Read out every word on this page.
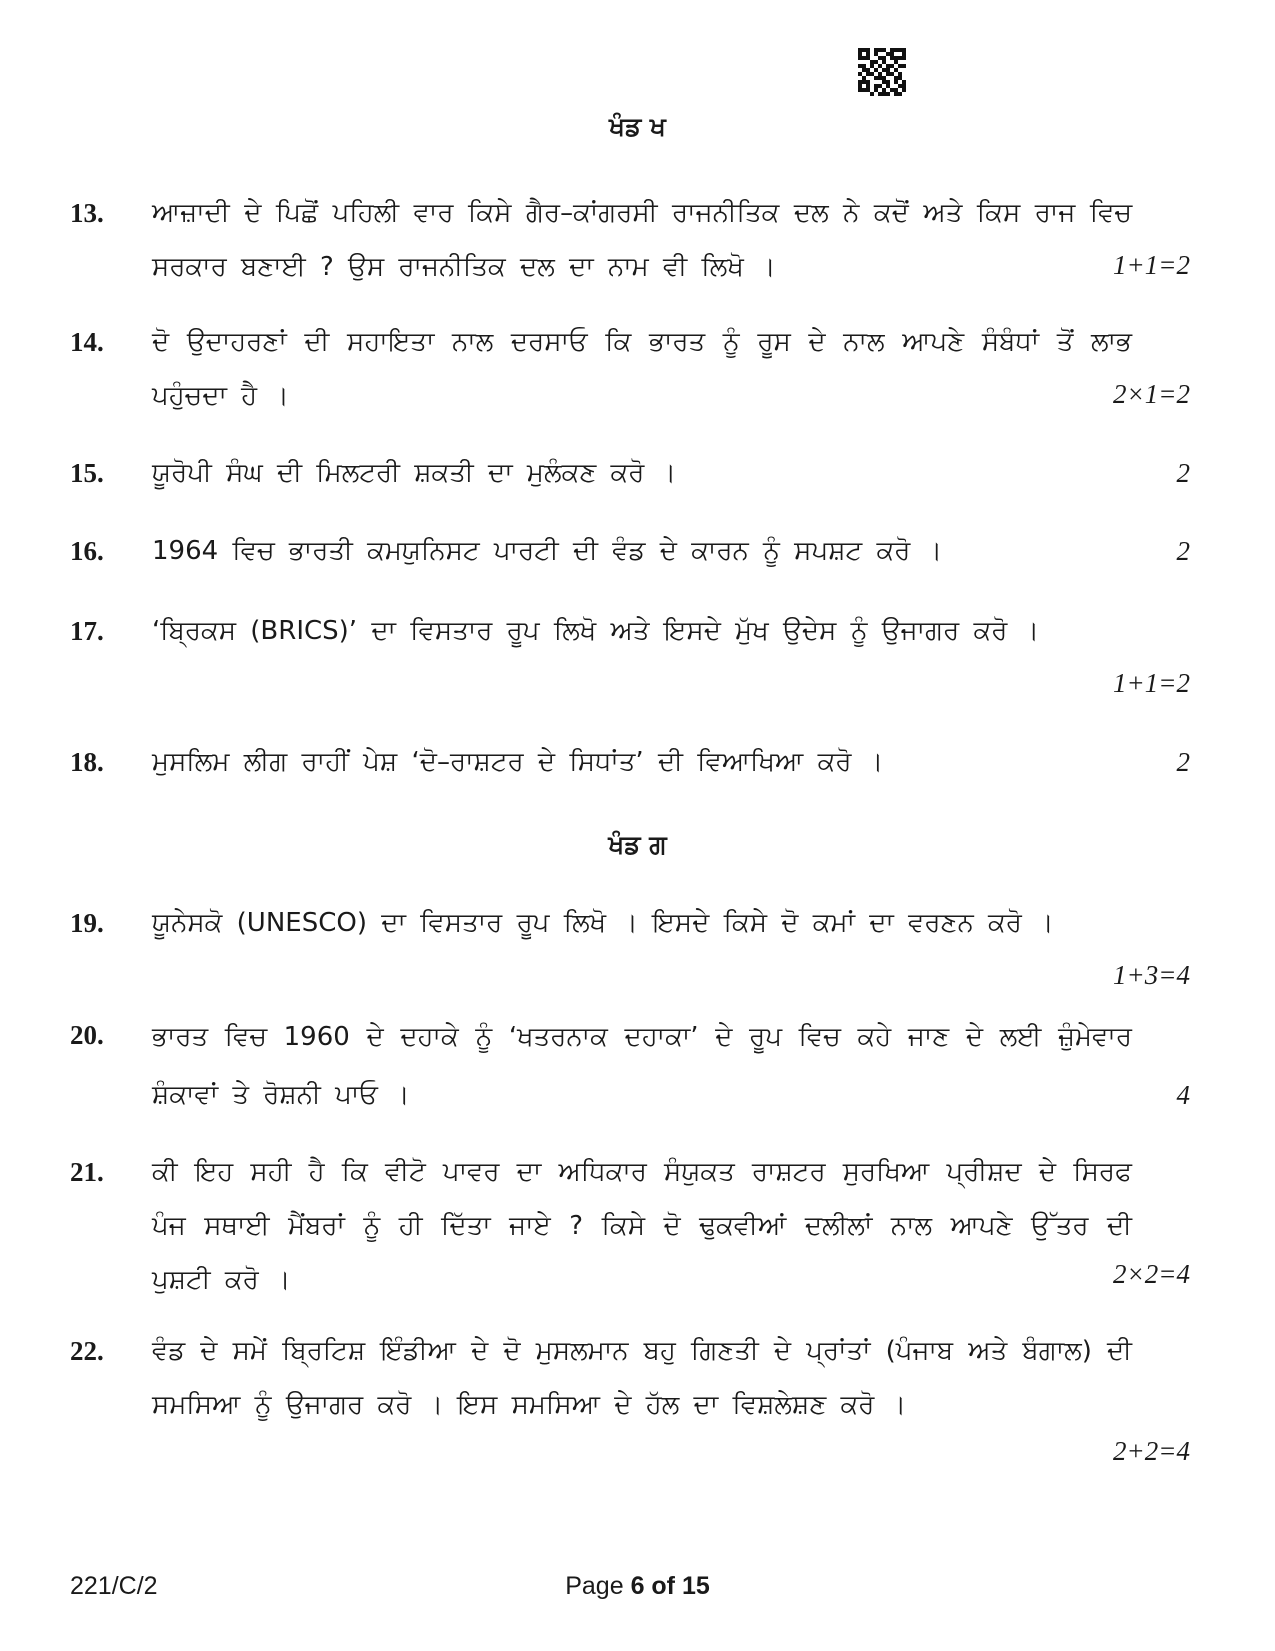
ਖੰਡ ਖ
13. ਆਜ਼ਾਦੀ ਦੇ ਪਿਛੋਂ ਪਹਿਲੀ ਵਾਰ ਕਿਸੇ ਗੈਰ–ਕਾਂਗਰਸੀ ਰਾਜਨੀਤਿਕ ਦਲ ਨੇ ਕਦੋਂ ਅਤੇ ਕਿਸ ਰਾਜ ਵਿਚ ਸਰਕਾਰ ਬਣਾਈ ? ਉਸ ਰਾਜਨੀਤਿਕ ਦਲ ਦਾ ਨਾਮ ਵੀ ਲਿਖੋ ।	1+1=2
14. ਦੋ ਉਦਾਹਰਣਾਂ ਦੀ ਸਹਾਇਤਾ ਨਾਲ ਦਰਸਾਓ ਕਿ ਭਾਰਤ ਨੂੰ ਰੂਸ ਦੇ ਨਾਲ ਆਪਣੇ ਸੰਬੰਧਾਂ ਤੋਂ ਲਾਭ ਪਹੁੰਚਦਾ ਹੈ ।	2×1=2
15. ਯੂਰੋਪੀ ਸੰਘ ਦੀ ਮਿਲਟਰੀ ਸ਼ਕਤੀ ਦਾ ਮੁਲੰਕਣ ਕਰੋ ।	2
16. 1964 ਵਿਚ ਭਾਰਤੀ ਕਮਯੁਨਿਸਟ ਪਾਰਟੀ ਦੀ ਵੰਡ ਦੇ ਕਾਰਨ ਨੂੰ ਸਪਸ਼ਟ ਕਰੋ ।	2
17. ‘ਬ੍ਰਿਕਸ (BRICS)’ ਦਾ ਵਿਸਤਾਰ ਰੂਪ ਲਿਖੋ ਅਤੇ ਇਸਦੇ ਮੁੱਖ ਉਦੇਸ ਨੂੰ ਉਜਾਗਰ ਕਰੋ ।
1+1=2
18. ਮੁਸਲਿਮ ਲੀਗ ਰਾਹੀਂ ਪੇਸ਼ ‘ਦੋ–ਰਾਸ਼ਟਰ ਦੇ ਸਿਧਾਂਤ’ ਦੀ ਵਿਆਖਿਆ ਕਰੋ ।	2
ਖੰਡ ਗ
19. ਯੂਨੇਸਕੋ (UNESCO) ਦਾ ਵਿਸਤਾਰ ਰੂਪ ਲਿਖੋ । ਇਸਦੇ ਕਿਸੇ ਦੋ ਕਮਾਂ ਦਾ ਵਰਣਨ ਕਰੋ ।
1+3=4
20. ਭਾਰਤ ਵਿਚ 1960 ਦੇ ਦਹਾਕੇ ਨੂੰ ‘ਖਤਰਨਾਕ ਦਹਾਕਾ’ ਦੇ ਰੂਪ ਵਿਚ ਕਹੇ ਜਾਣ ਦੇ ਲਈ ਜ਼ੁੰਮੇਵਾਰ ਸ਼ੰਕਾਵਾਂ ਤੇ ਰੋਸ਼ਨੀ ਪਾਓ ।	4
21. ਕੀ ਇਹ ਸਹੀ ਹੈ ਕਿ ਵੀਟੋ ਪਾਵਰ ਦਾ ਅਧਿਕਾਰ ਸੰਯੁਕਤ ਰਾਸ਼ਟਰ ਸੁਰਖਿਆ ਪ੍ਰੀਸ਼ਦ ਦੇ ਸਿਰਫ ਪੰਜ ਸਥਾਈ ਮੈਂਬਰਾਂ ਨੂੰ ਹੀ ਦਿੱਤਾ ਜਾਏ ? ਕਿਸੇ ਦੋ ਢੁਕਵੀਆਂ ਦਲੀਲਾਂ ਨਾਲ ਆਪਣੇ ਉੱਤਰ ਦੀ ਪੁਸ਼ਟੀ ਕਰੋ ।	2×2=4
22. ਵੰਡ ਦੇ ਸਮੇਂ ਬ੍ਰਿਟਿਸ਼ ਇੰਡੀਆ ਦੇ ਦੋ ਮੁਸਲਮਾਨ ਬਹੁ ਗਿਣਤੀ ਦੇ ਪ੍ਰਾਂਤਾਂ (ਪੰਜਾਬ ਅਤੇ ਬੰਗਾਲ) ਦੀ ਸਮਸਿਆ ਨੂੰ ਉਜਾਗਰ ਕਰੋ । ਇਸ ਸਮਸਿਆ ਦੇ ਹੱਲ ਦਾ ਵਿਸ਼ਲੇਸ਼ਣ ਕਰੋ ।
2+2=4
221/C/2	Page 6 of 15
